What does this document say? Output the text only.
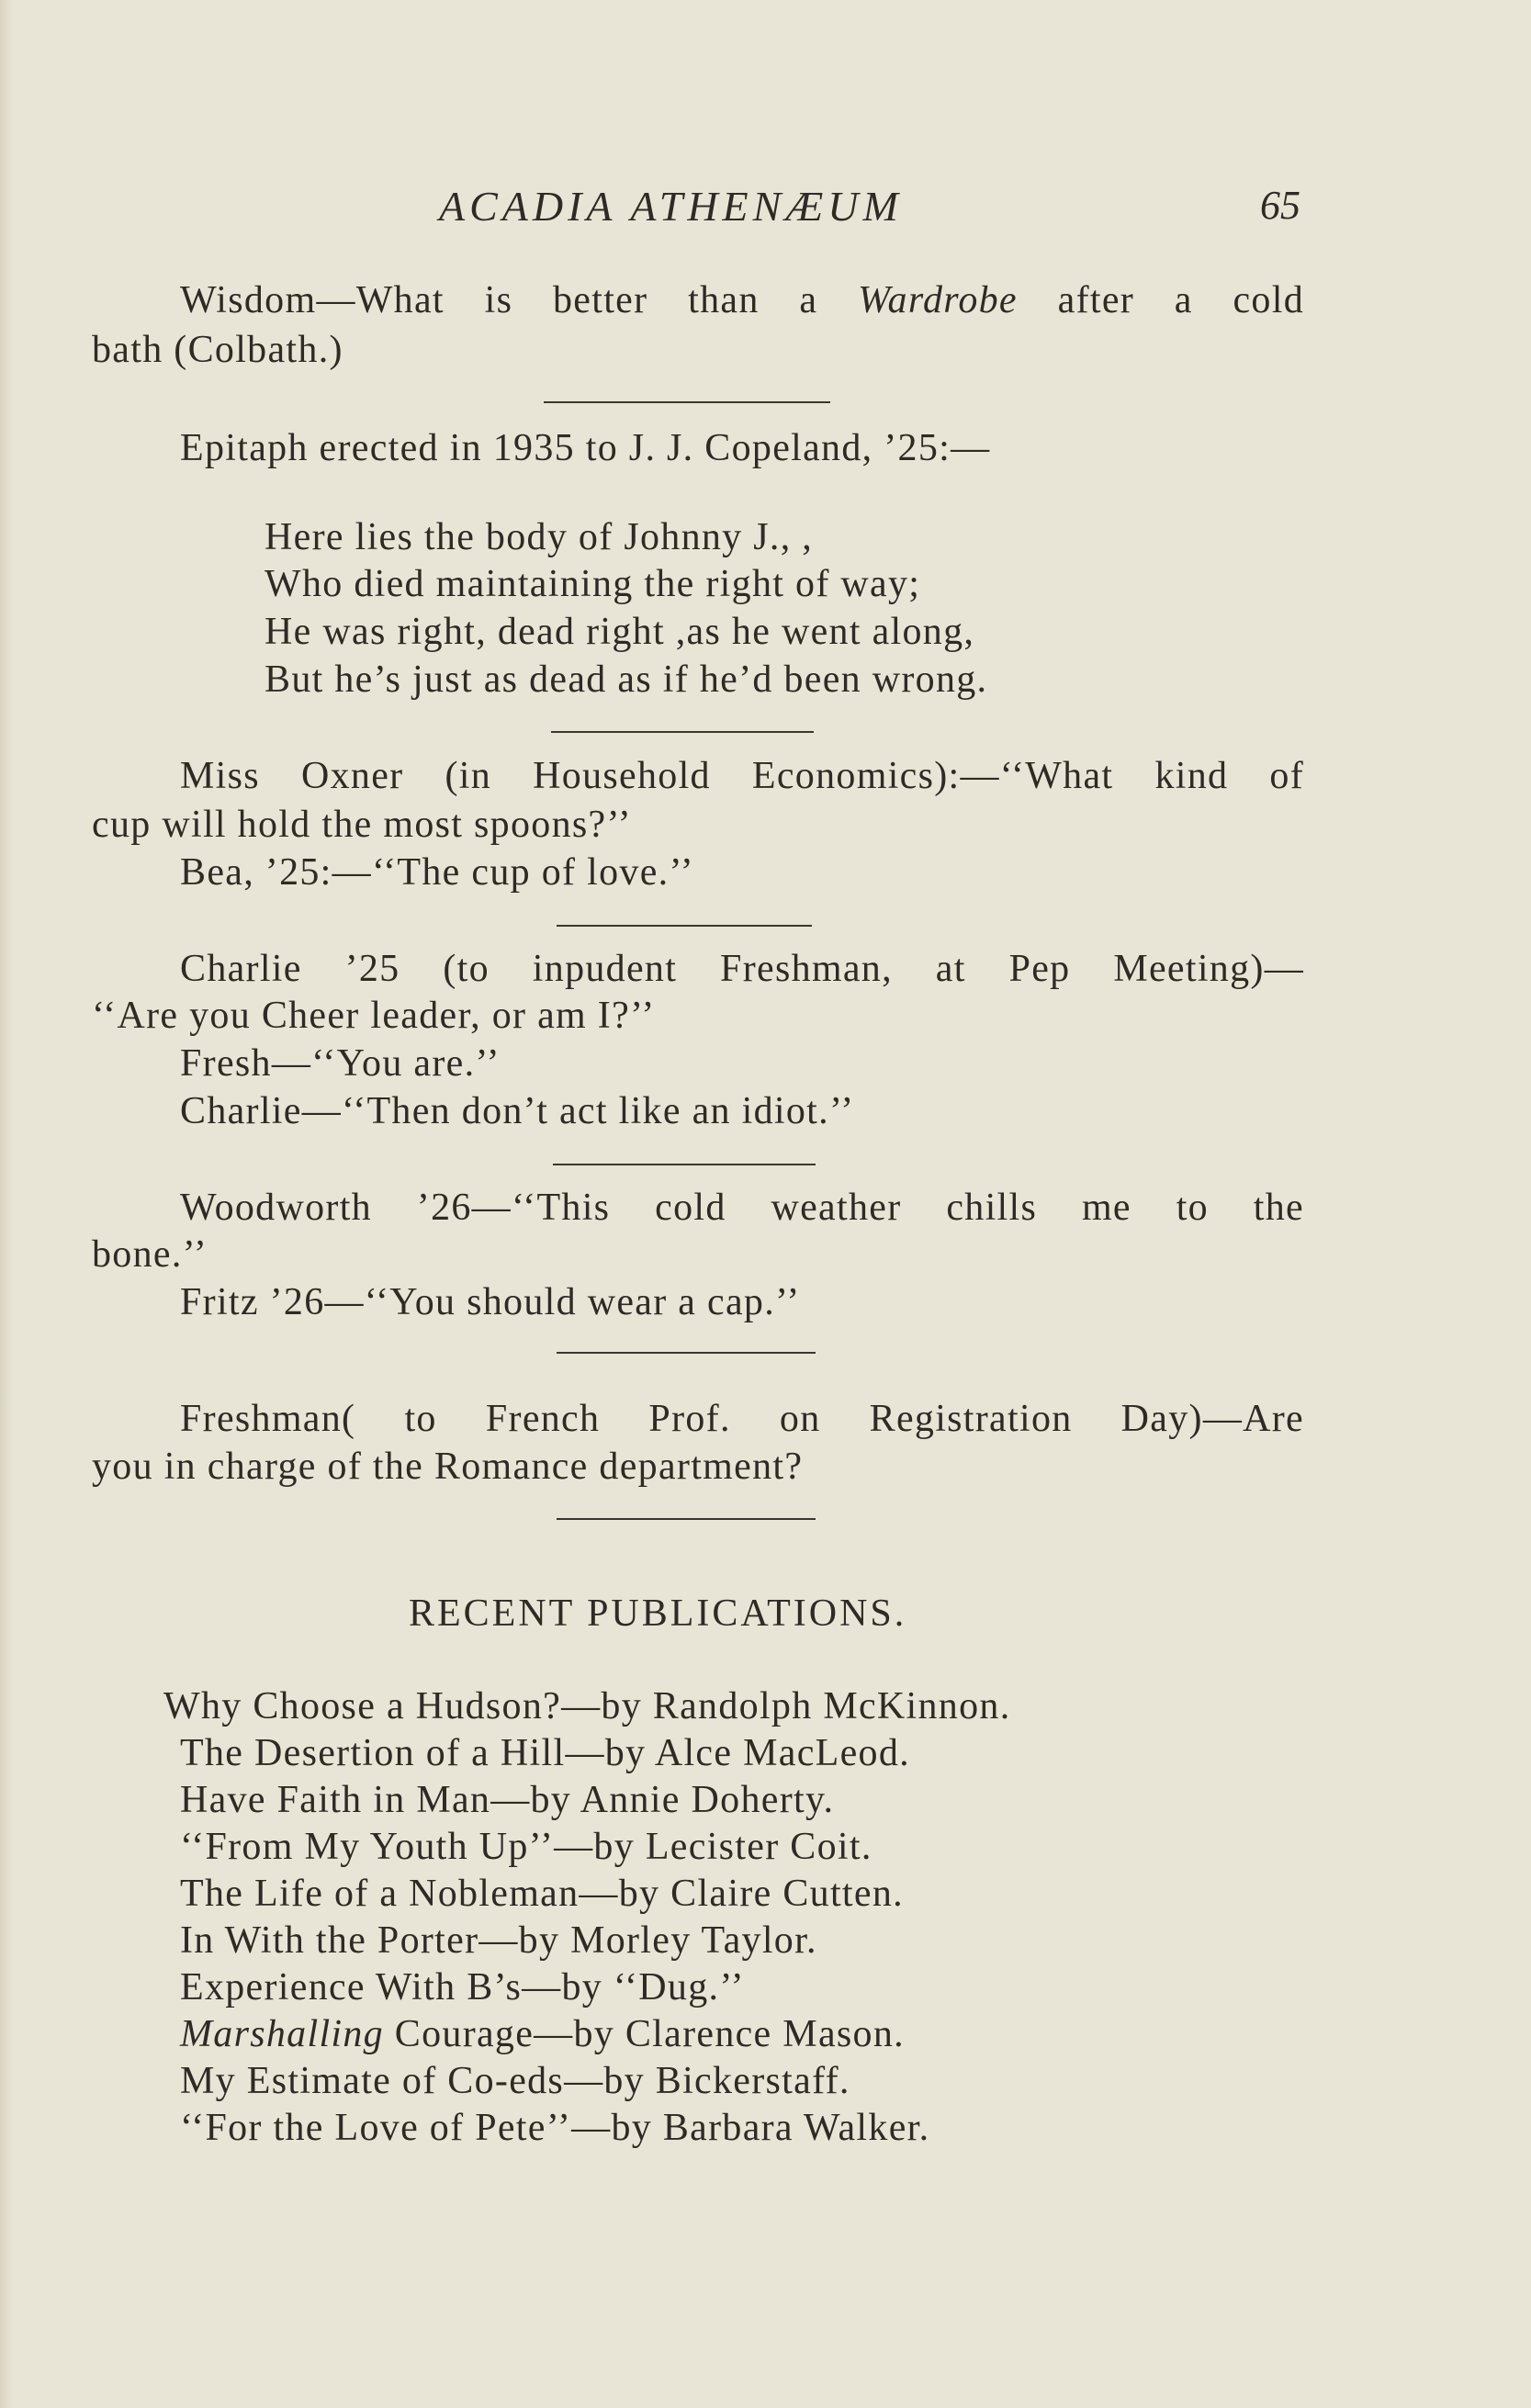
ACADIA ATHENÆUM	65
Wisdom—What is better than a Wardrobe after a cold
bath (Colbath.)
Epitaph erected in 1935 to J. J. Copeland, ’25:—
Here lies the body of Johnny J., ,
Who died maintaining the right of way;
He was right, dead right ,as he went along,
But he’s just as dead as if he’d been wrong.
Miss Oxner (in Household Economics):—‘‘What kind of
cup will hold the most spoons?’’
Bea, ’25:—‘‘The cup of love.’’
Charlie ’25 (to inpudent Freshman, at Pep Meeting)—
‘‘Are you Cheer leader, or am I?’’
Fresh—‘‘You are.’’
Charlie—‘‘Then don’t act like an idiot.’’
Woodworth ’26—‘‘This cold weather chills me to the
bone.’’
Fritz ’26—‘‘You should wear a cap.’’
Freshman( to French Prof. on Registration Day)—Are
you in charge of the Romance department?
RECENT PUBLICATIONS.
Why Choose a Hudson?—by Randolph McKinnon.
The Desertion of a Hill—by Alce MacLeod.
Have Faith in Man—by Annie Doherty.
‘‘From My Youth Up’’—by Lecister Coit.
The Life of a Nobleman—by Claire Cutten.
In With the Porter—by Morley Taylor.
Experience With B’s—by ‘‘Dug.’’
Marshalling Courage—by Clarence Mason.
My Estimate of Co-eds—by Bickerstaff.
‘‘For the Love of Pete’’—by Barbara Walker.
